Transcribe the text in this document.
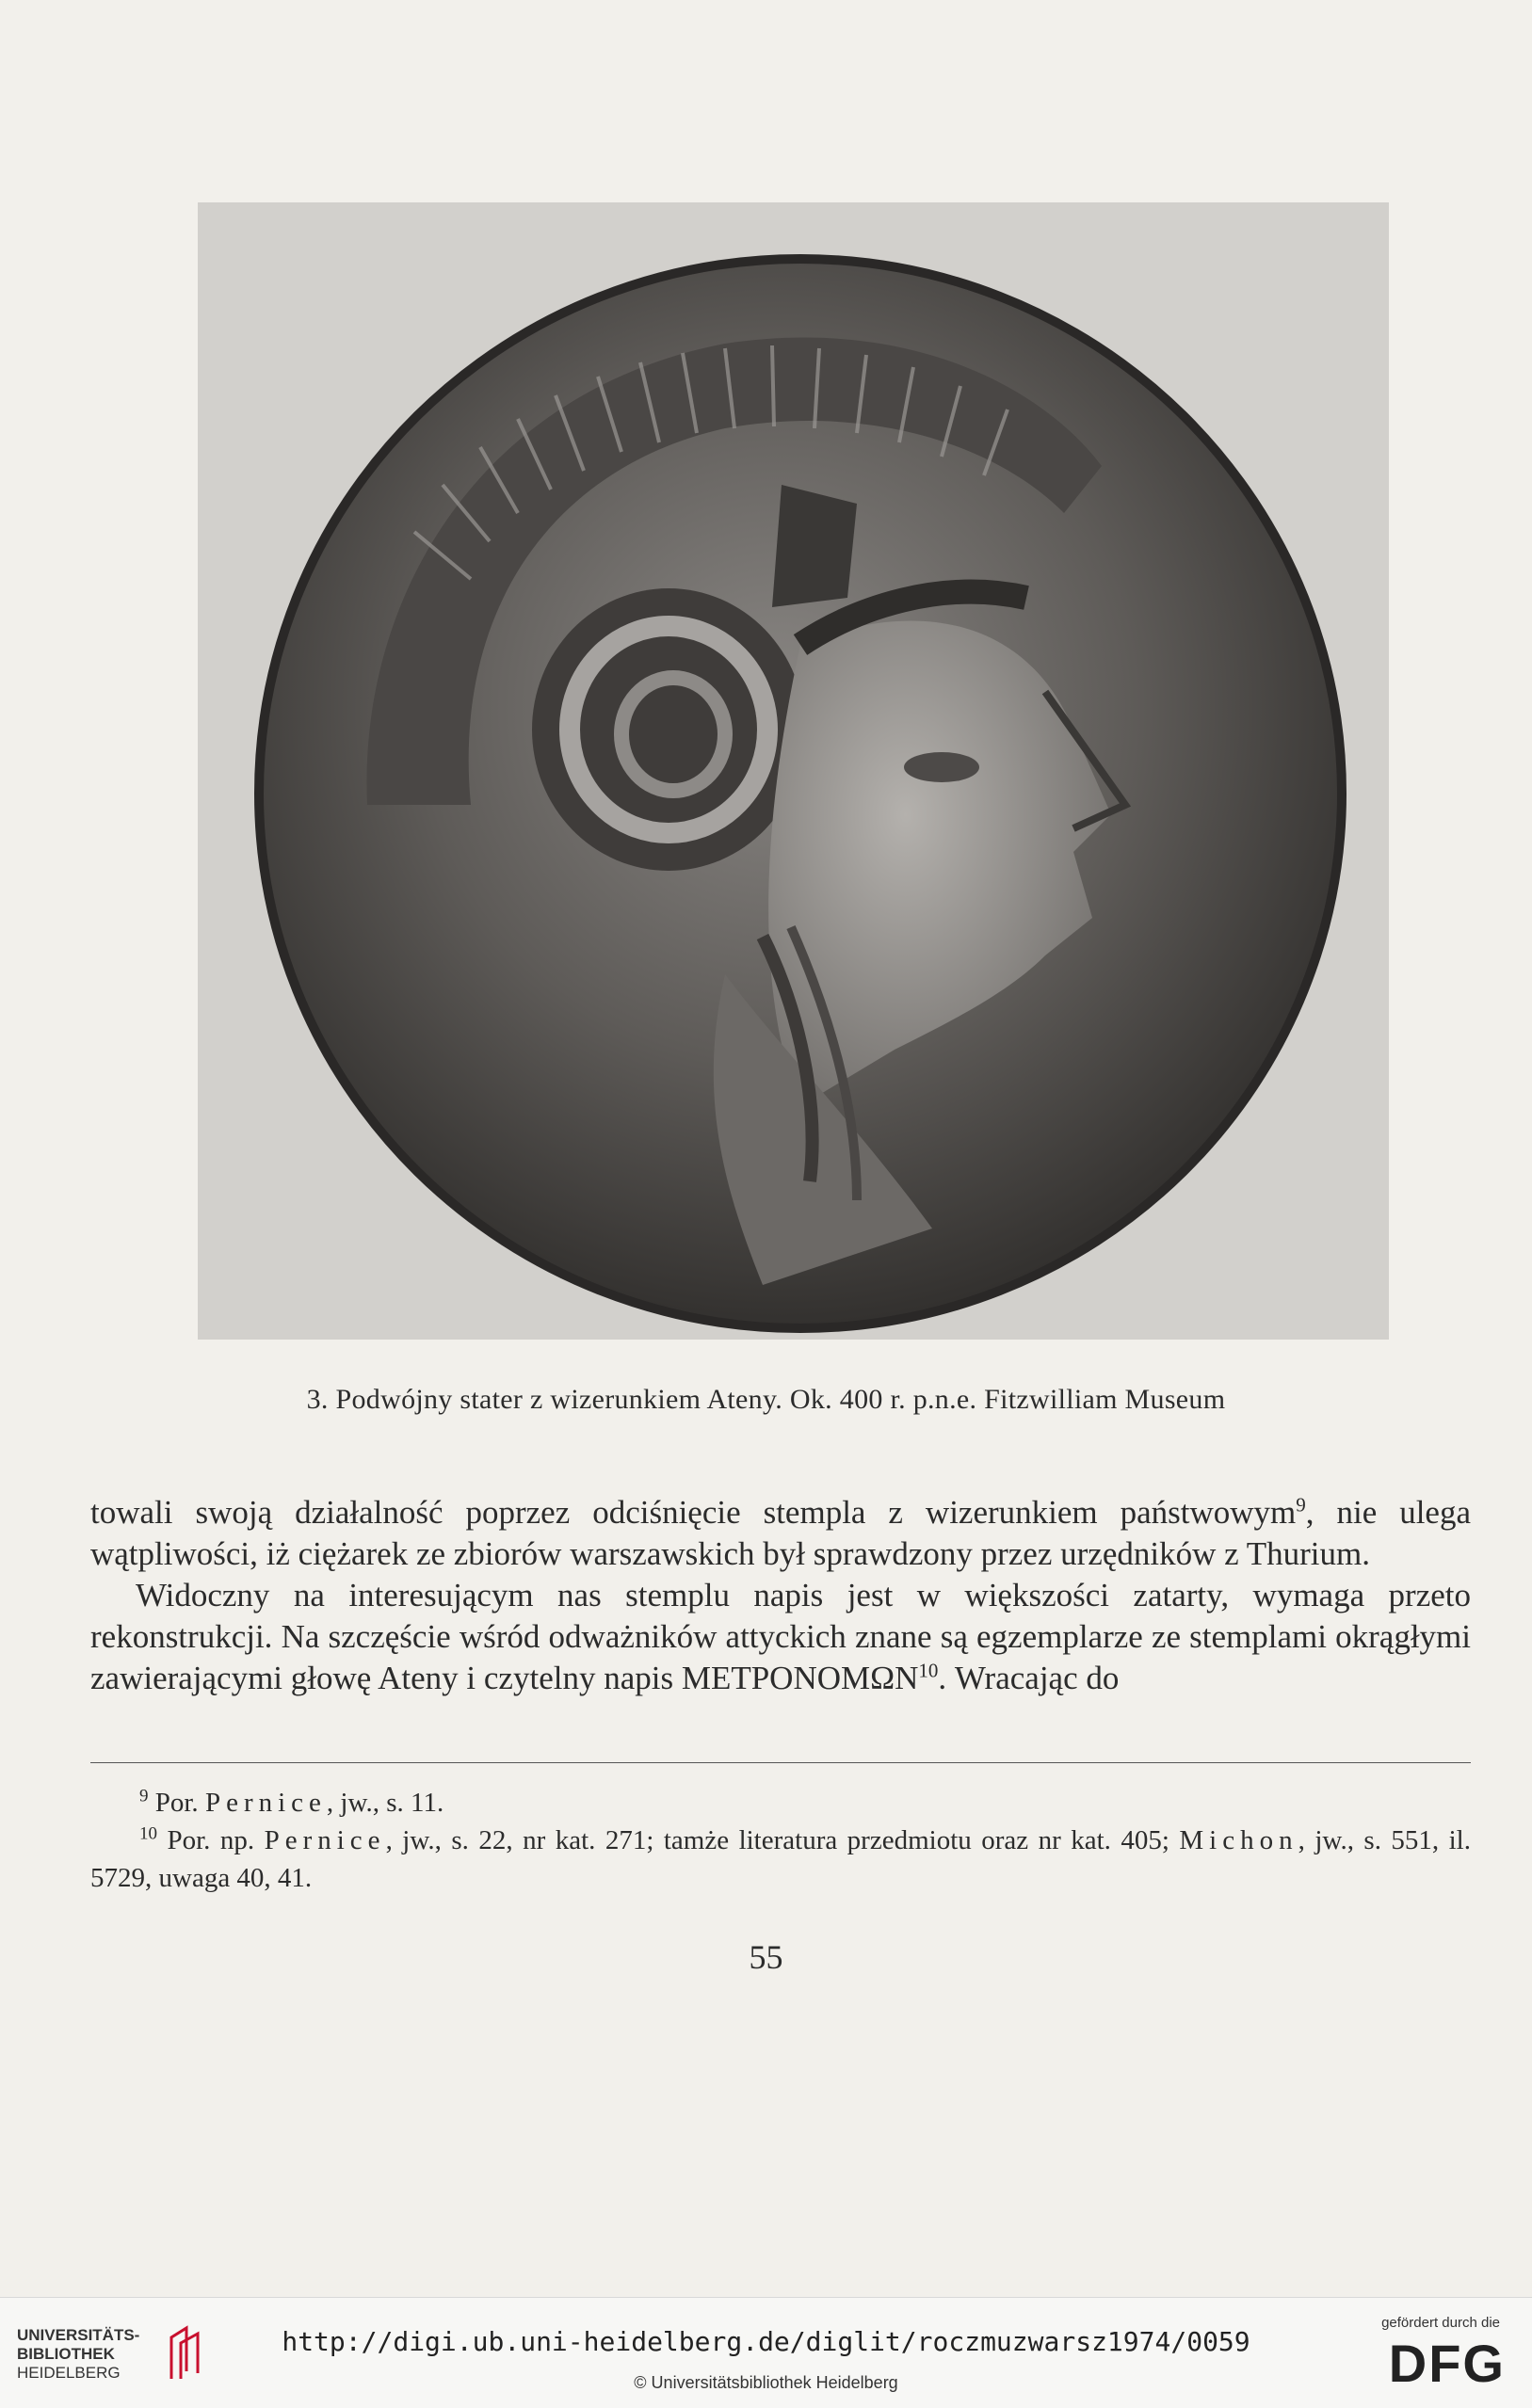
3. Podwójny stater z wizerunkiem Ateny. Ok. 400 r. p.n.e. Fitzwilliam Museum

towali swoją działalność poprzez odciśnięcie stempla z wizerunkiem państwowym$^9$, nie ulega wątpliwości, iż ciężarek ze zbiorów warszawskich był sprawdzony przez urzędników z Thurium.

Widoczny na interesującym nas stemplu napis jest w większości zatarty, wymaga przeto rekonstrukcji. Na szczęście wśród odważników attyckich znane są egzemplarze ze stemplami okrągłymi zawierającymi głowę Ateny i czytelny napis ΜΕΤΡΟΝΟΜΩΝ$^{10}$. Wracając do

$^9$ Por. Pernice, jw., s. 11.

$^{10}$ Por. np. Pernice, jw., s. 22, nr kat. 271; tamże literatura przedmiotu oraz nr kat. 405; Michon, jw., s. 551, il. 5729, uwaga 40, 41.

55
UNIVERSITÄTS-
BIBLIOTHEK
HEIDELBERG
http://digi.ub.uni-heidelberg.de/diglit/roczmuzwarsz1974/0059
© Universitätsbibliothek Heidelberg
gefördert durch die
DFG
